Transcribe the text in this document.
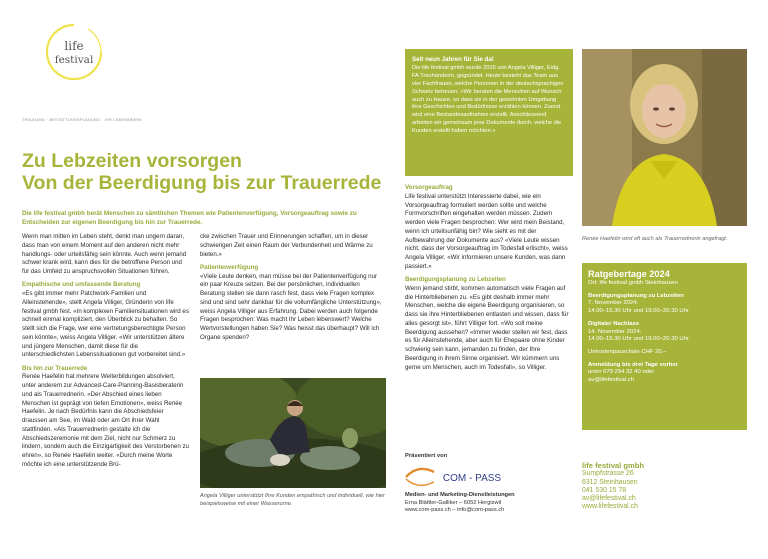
life
festival
TREUHAND · BESTATTUNGSPLANUNG · IHR LEBENSWERK
Zu Lebzeiten vorsorgen
Von der Beerdigung bis zur Trauerrede
Die life festival gmbh berät Menschen zu sämtlichen Themen wie Patientenverfügung, Vorsorgeauftrag sowie zu Entscheiden zur eigenen Beerdigung bis hin zur Trauerrede.

Wenn man mitten im Leben steht, denkt man ungern daran, dass man von einem Moment auf den anderen nicht mehr handlungs- oder urteilsfähig sein könnte. Auch wenn jemand schwer krank wird, kann dies für die betroffene Person und für das Umfeld zu anspruchsvollen Situationen führen.

Empathische und umfassende Beratung

«Es gibt immer mehr Patchwork-Familien und Alleinstehende», stellt Angela Villiger, Gründerin von life festival gmbh fest. «In komplexen Familiensituationen wird es schnell einmal kompliziert, den Überblick zu behalten. So stellt sich die Frage, wer eine vertretungsberechtigte Person sein könnte», weiss Angela Villiger. «Wir unterstützen ältere und jüngere Menschen, damit diese für die unterschiedlichsten Lebenssituationen gut vorbereitet sind.»

Bis hin zur Trauerrede

Renée Haefelin hat mehrere Weiterbildungen absolviert, unter anderem zur Advanced-Care-Planning-Basisberaterin und als Trauerrednerin. «Der Abschied eines lieben Menschen ist geprägt von tiefen Emotionen», weiss Renée Haefelin. Je nach Bedürfnis kann die Abschiedsfeier draussen am See, im Wald oder am Ort ihrer Wahl stattfinden. «Als Trauerrednerin gestalte ich die Abschiedszeremonie mit dem Ziel, nicht nur Schmerz zu lindern, sondern auch die Einzigartigkeit des Verstorbenen zu ehren», so Renée Haefelin weiter. «Durch meine Worte möchte ich eine unterstützende Brü-

cke zwischen Trauer und Erinnerungen schaffen, um in dieser schwierigen Zeit einen Raum der Verbundenheit und Wärme zu bieten.»

Patientenverfügung

«Viele Leute denken, man müsse bei der Patientenverfügung nur ein paar Kreuze setzen. Bei der persönlichen, individuellen Beratung stellen sie dann rasch fest, dass viele Fragen komplex sind und sind sehr dankbar für die vollumfängliche Unterstützung», weiss Angela Villiger aus Erfahrung. Dabei werden auch folgende Fragen besprochen: Was macht Ihr Leben lebenswert? Welche Wertvorstellungen haben Sie? Was heisst das überhaupt? Will ich Organe spenden?

Angela Villiger unterstützt Ihre Kunden empathisch und individuell, wie hier beispielsweise mit einer Wasserurne.
Seit neun Jahren für Sie da!
Die life festival gmbh wurde 2015 von Angela Villiger, Eidg. FA Treuhänderin, gegründet. Heute besteht das Team aus vier Fachfrauen, welche Personen in der deutschsprachigen Schweiz betreuen. «Wir beraten die Menschen auf Wunsch auch zu Hause, so dass sie in der gewohnten Umgebung ihre Geschichten und Bedürfnisse erzählen können. Zuerst wird eine Bestandesaufnahme erstellt. Anschliessend arbeiten wir gemeinsam jene Dokumente durch, welche die Kunden erstellt haben möchten.»
Vorsorgeauftrag

Life festival unterstützt Interessierte dabei, wie ein Vorsorgeauftrag formuliert werden sollte und welche Formvorschriften eingehalten werden müssen. Zudem werden viele Fragen besprochen: Wer wird mein Beistand, wenn ich urteilsunfähig bin? Wie sieht es mit der Aufbewahrung der Dokumente aus? «Viele Leute wissen nicht, dass der Vorsorgeauftrag im Todesfall erlischt», weiss Angela Villiger. «Wir informieren unsere Kunden, was dann passiert.»

Beerdigungsplanung zu Lebzeiten

Wenn jemand stirbt, kommen automatisch viele Fragen auf die Hinterbliebenen zu. «Es gibt deshalb immer mehr Menschen, welche die eigene Beerdigung organisieren, so dass sie ihre Hinterbliebenen entlasten und wissen, dass für alles gesorgt ist», führt Villiger fort. «Wo soll meine Beerdigung aussehen? «Immer wieder stellen wir fest, dass es für Alleinstehende, aber auch für Ehepaare ohne Kinder schwierig sein kann, jemanden zu finden, der Ihre Beerdigung in ihrem Sinne organisiert. Wir kümmern uns gerne um Menschen, auch im Todesfall», so Villiger.

Renée Haefelin wird oft auch als Trauerrednerin angefragt.
Ratgebertage 2024
Ort: life festival gmbh Steinhausen
Beerdigungsplanung zu Lebzeiten
7. November 2024:
14.00–15.30 Uhr und 19.00–20.30 Uhr
Digitaler Nachlass
14. November 2024:
14.00–15.30 Uhr und 19.00–20.30 Uhr
Unkostenpauschale CHF 20.–
Anmeldung bis drei Tage vorher
unter 079 294 32 40 oder
av@lifefestival.ch
Präsentiert von
COM - PASS
Medien- und Marketing-Dienstleistungen
Erna Blättler-Galliker – 6052 Hergiswil
www.com-pass.ch – info@com-pass.ch
life festival gmbh
Sumpfstrasse 26
6312 Steinhausen
041 530 15 78
av@lifefestival.ch
www.lifefestival.ch
